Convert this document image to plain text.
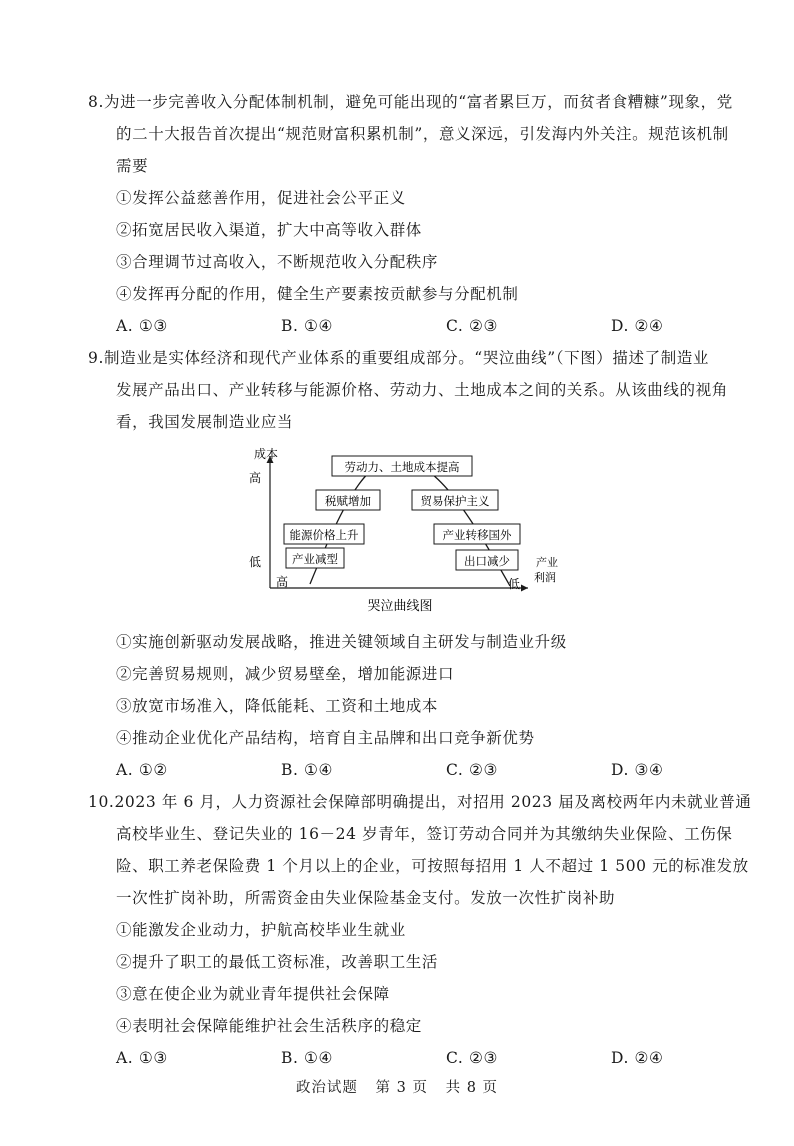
8.为进一步完善收入分配体制机制，避免可能出现的“富者累巨万，而贫者食糟糠”现象，党
的二十大报告首次提出“规范财富积累机制”，意义深远，引发海内外关注。规范该机制
需要
①发挥公益慈善作用，促进社会公平正义
②拓宽居民收入渠道，扩大中高等收入群体
③合理调节过高收入，不断规范收入分配秩序
④发挥再分配的作用，健全生产要素按贡献参与分配机制
A. ①③	B. ①④	C. ②③	D. ②④
9.制造业是实体经济和现代产业体系的重要组成部分。“哭泣曲线”（下图）描述了制造业
发展产品出口、产业转移与能源价格、劳动力、土地成本之间的关系。从该曲线的视角
看，我国发展制造业应当
成本
高
低
高	低
产业
利润
劳动力、土地成本提高
税赋增加
能源价格上升
产业减型
贸易保护主义
产业转移国外
出口减少
哭泣曲线图
①实施创新驱动发展战略，推进关键领域自主研发与制造业升级
②完善贸易规则，减少贸易壁垒，增加能源进口
③放宽市场准入，降低能耗、工资和土地成本
④推动企业优化产品结构，培育自主品牌和出口竞争新优势
A. ①②	B. ①④	C. ②③	D. ③④
10.2023 年 6 月，人力资源社会保障部明确提出，对招用 2023 届及离校两年内未就业普通
高校毕业生、登记失业的 16－24 岁青年，签订劳动合同并为其缴纳失业保险、工伤保
险、职工养老保险费 1 个月以上的企业，可按照每招用 1 人不超过 1 500 元的标准发放
一次性扩岗补助，所需资金由失业保险基金支付。发放一次性扩岗补助
①能激发企业动力，护航高校毕业生就业
②提升了职工的最低工资标准，改善职工生活
③意在使企业为就业青年提供社会保障
④表明社会保障能维护社会生活秩序的稳定
A. ①③	B. ①④	C. ②③	D. ②④
政治试题 第 3 页 共 8 页
